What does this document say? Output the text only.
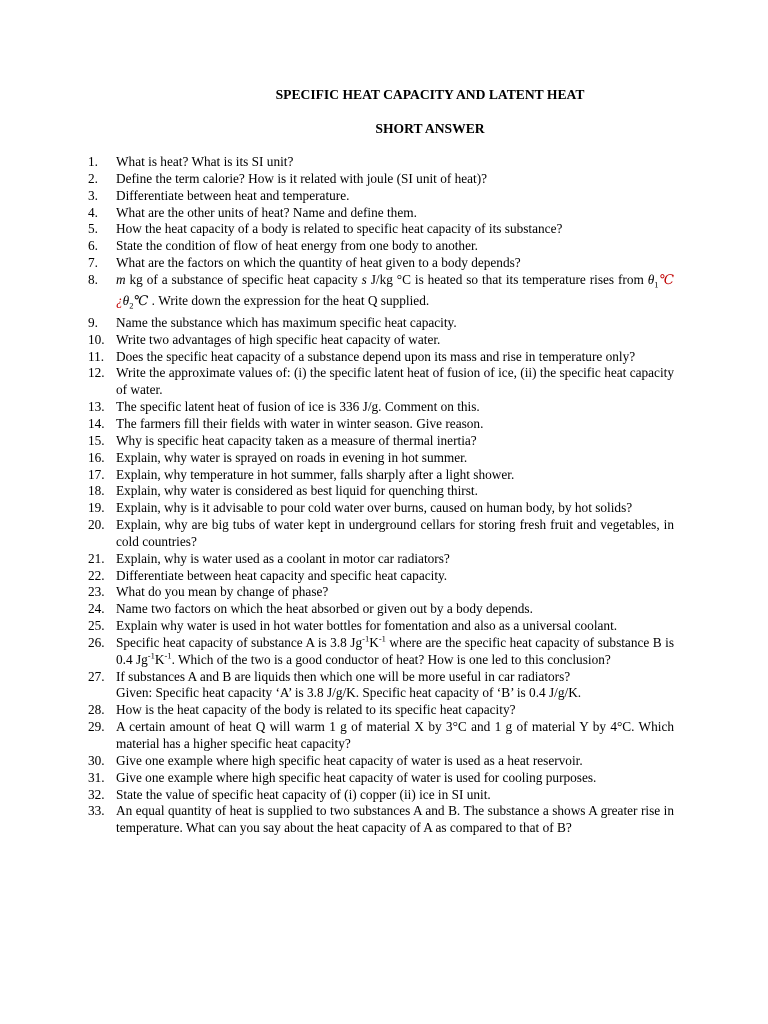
SPECIFIC HEAT CAPACITY AND LATENT HEAT
SHORT ANSWER
1.	What is heat? What is its SI unit?
2.	Define the term calorie? How is it related with joule (SI unit of heat)?
3.	Differentiate between heat and temperature.
4.	What are the other units of heat? Name and define them.
5.	How the heat capacity of a body is related to specific heat capacity of its substance?
6.	State the condition of flow of heat energy from one body to another.
7.	What are the factors on which the quantity of heat given to a body depends?
8.	m kg of a substance of specific heat capacity s J/kg °C is heated so that its temperature rises from $\theta_1℃¿\theta_2℃$ . Write down the expression for the heat Q supplied.
9.	Name the substance which has maximum specific heat capacity.
10. Write two advantages of high specific heat capacity of water.
11. Does the specific heat capacity of a substance depend upon its mass and rise in temperature only?
12. Write the approximate values of: (i) the specific latent heat of fusion of ice, (ii) the specific heat capacity of water.
13. The specific latent heat of fusion of ice is 336 J/g. Comment on this.
14. The farmers fill their fields with water in winter season. Give reason.
15. Why is specific heat capacity taken as a measure of thermal inertia?
16. Explain, why water is sprayed on roads in evening in hot summer.
17. Explain, why temperature in hot summer, falls sharply after a light shower.
18. Explain, why water is considered as best liquid for quenching thirst.
19. Explain, why is it advisable to pour cold water over burns, caused on human body, by hot solids?
20. Explain, why are big tubs of water kept in underground cellars for storing fresh fruit and vegetables, in cold countries?
21. Explain, why is water used as a coolant in motor car radiators?
22. Differentiate between heat capacity and specific heat capacity.
23. What do you mean by change of phase?
24. Name two factors on which the heat absorbed or given out by a body depends.
25. Explain why water is used in hot water bottles for fomentation and also as a universal coolant.
26. Specific heat capacity of substance A is 3.8 $Jg^{-1}K^{-1}$ where are the specific heat capacity of substance B is 0.4 $Jg^{-1}K^{-1}$. Which of the two is a good conductor of heat? How is one led to this conclusion?
27. If substances A and B are liquids then which one will be more useful in car radiators?
Given: Specific heat capacity ‘A’ is 3.8 J/g/K. Specific heat capacity of ‘B’ is 0.4 J/g/K.
28. How is the heat capacity of the body is related to its specific heat capacity?
29. A certain amount of heat Q will warm 1 g of material X by 3°C and 1 g of material Y by 4°C. Which material has a higher specific heat capacity?
30. Give one example where high specific heat capacity of water is used as a heat reservoir.
31. Give one example where high specific heat capacity of water is used for cooling purposes.
32. State the value of specific heat capacity of (i) copper (ii) ice in SI unit.
33. An equal quantity of heat is supplied to two substances A and B. The substance a shows A greater rise in temperature. What can you say about the heat capacity of A as compared to that of B?
